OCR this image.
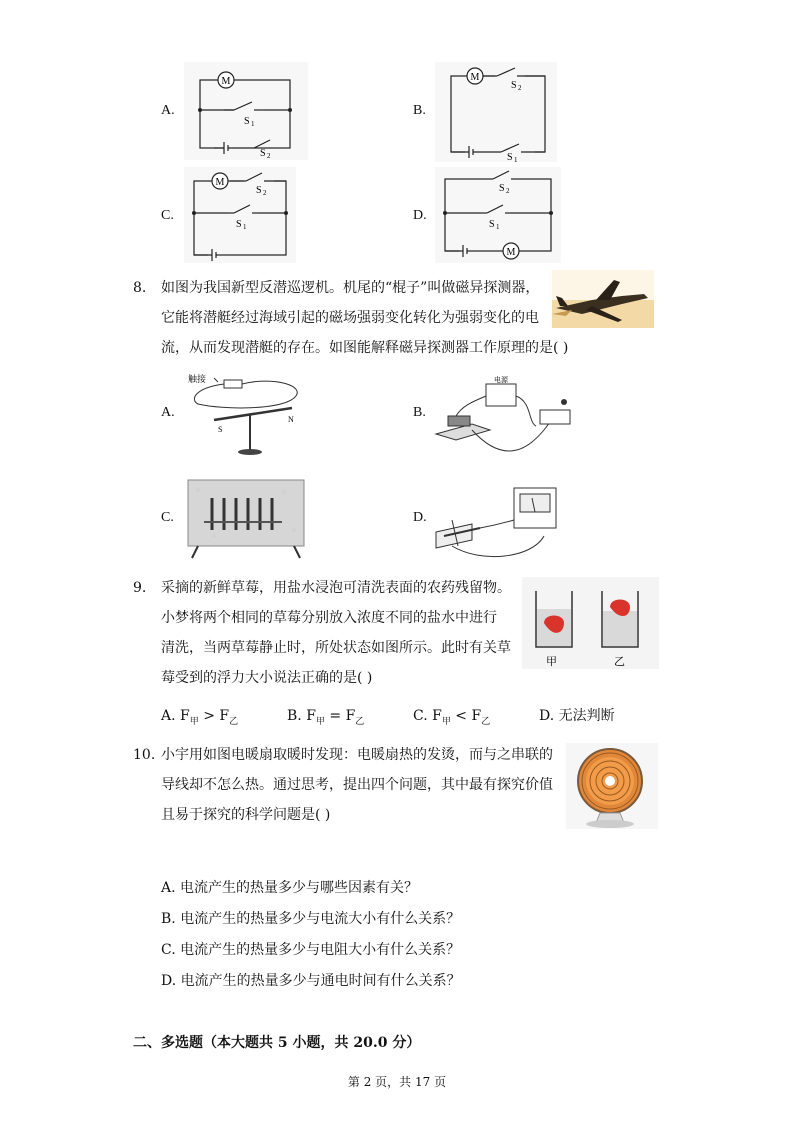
A.
M
S 1
S 2
B.
M
S 2
S 1
C.
M
S 2
S 1
D.
M
S 2
S 1
8. 如图为我国新型反潜巡逻机。机尾的“棍子”叫做磁异探测器，
它能将潜艇经过海域引起的磁场强弱变化转化为强弱变化的电
流，从而发现潜艇的存在。如图能解释磁异探测器工作原理的是( )
A.
触接
S
N	B.
电源
C.	D.
9. 采摘的新鲜草莓，用盐水浸泡可清洗表面的农药残留物。
小梦将两个相同的草莓分别放入浓度不同的盐水中进行
清洗，当两草莓静止时，所处状态如图所示。此时有关草
莓受到的浮力大小说法正确的是( )
甲	乙
A. $F_甲 > F_乙$	B. $F_甲 = F_乙$	C. $F_甲 < F_乙$	D. 无法判断
10. 小宇用如图电暖扇取暖时发现：电暖扇热的发烫，而与之串联的
导线却不怎么热。通过思考，提出四个问题，其中最有探究价值
且易于探究的科学问题是( )
A. 电流产生的热量多少与哪些因素有关？
B. 电流产生的热量多少与电流大小有什么关系？
C. 电流产生的热量多少与电阻大小有什么关系？
D. 电流产生的热量多少与通电时间有什么关系？
二、多选题（本大题共 5 小题，共 20.0 分）
第 2 页，共 17 页
